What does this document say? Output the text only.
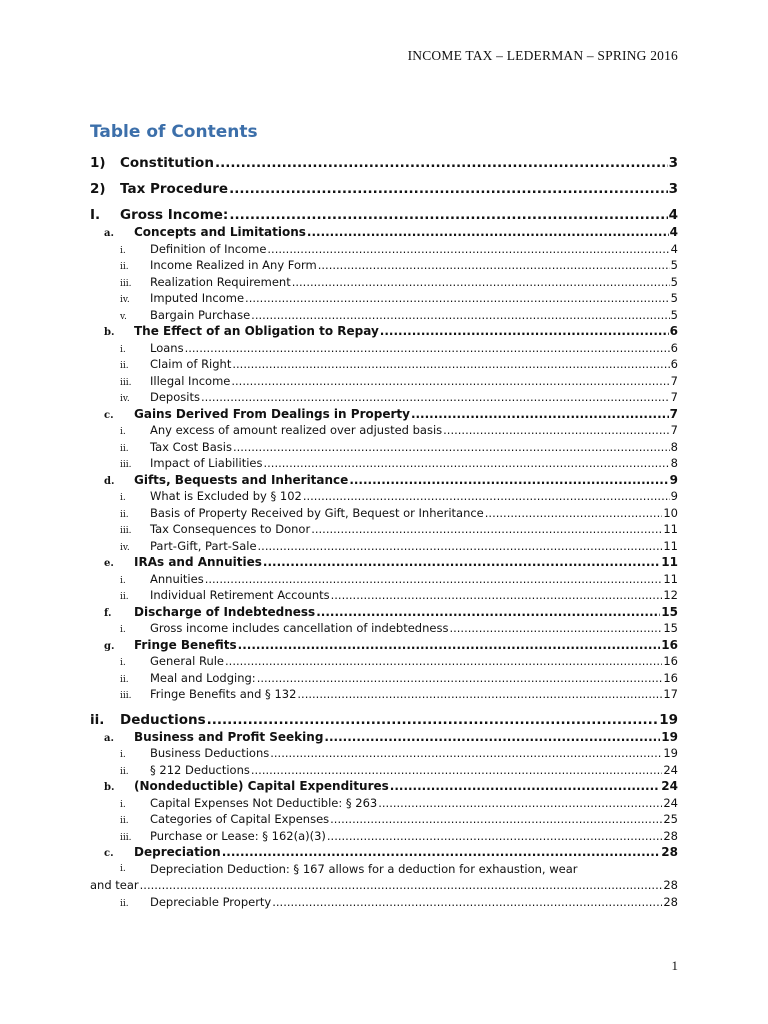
INCOME TAX – LEDERMAN – SPRING 2016
Table of Contents
1)	Constitution .....	3
2)	Tax Procedure .....	3
I.	Gross Income: .....	4
a.	Concepts and Limitations .....	4
i.	Definition of Income .....	4
ii.	Income Realized in Any Form .....	5
iii.	Realization Requirement .....	5
iv.	Imputed Income .....	5
v.	Bargain Purchase .....	5
b.	The Effect of an Obligation to Repay .....	6
i.	Loans .....	6
ii.	Claim of Right .....	6
iii.	Illegal Income .....	7
iv.	Deposits .....	7
c.	Gains Derived From Dealings in Property .....	7
i.	Any excess of amount realized over adjusted basis .....	7
ii.	Tax Cost Basis .....	8
iii.	Impact of Liabilities .....	8
d.	Gifts, Bequests and Inheritance .....	9
i.	What is Excluded by § 102 .....	9
ii.	Basis of Property Received by Gift, Bequest or Inheritance .....	10
iii.	Tax Consequences to Donor .....	11
iv.	Part-Gift, Part-Sale .....	11
e.	IRAs and Annuities .....	11
i.	Annuities .....	11
ii.	Individual Retirement Accounts .....	12
f.	Discharge of Indebtedness .....	15
i.	Gross income includes cancellation of indebtedness .....	15
g.	Fringe Benefits .....	16
i.	General Rule .....	16
ii.	Meal and Lodging: .....	16
iii.	Fringe Benefits and § 132 .....	17
ii.	Deductions .....	19
a.	Business and Profit Seeking .....	19
i.	Business Deductions .....	19
ii.	§ 212 Deductions .....	24
b.	(Nondeductible) Capital Expenditures .....	24
i.	Capital Expenses Not Deductible: § 263 .....	24
ii.	Categories of Capital Expenses .....	25
iii.	Purchase or Lease: § 162(a)(3) .....	28
c.	Depreciation .....	28
i.	Depreciation Deduction: § 167 allows for a deduction for exhaustion, wear
and tear .....	28
ii.	Depreciable Property .....	28
1
